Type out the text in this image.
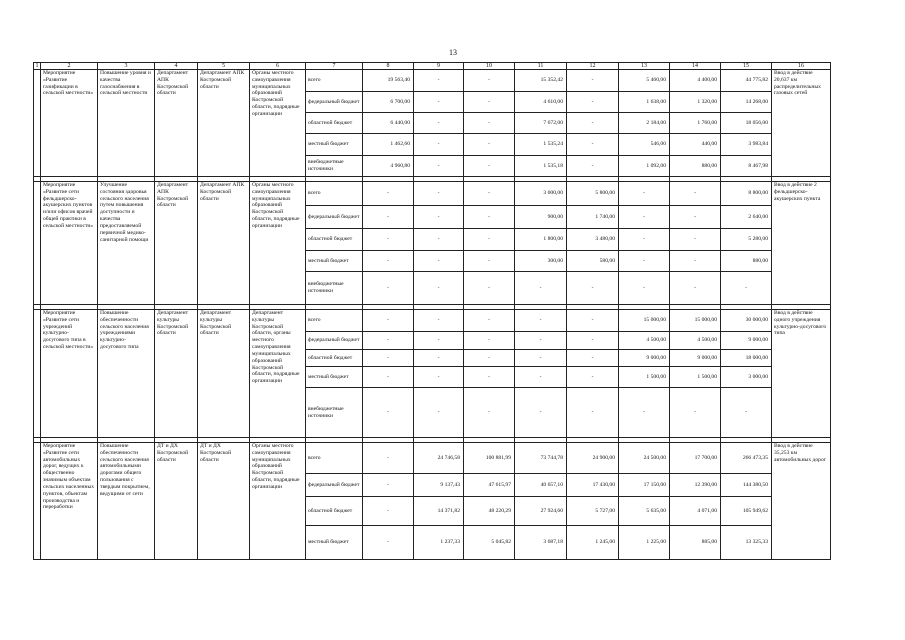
13
1	2	3	4	5	6	7	8	9	10	11	12	13	14	15	16
	Мероприятие «Развитие газификации в сельской местности»	Повышение уровня и качества газоснабжения в сельской местности	Департамент АПК Костромской области	Департамент АПК Костромской области	Органы местного самоуправления муниципальных образований Костромской области, подрядные организации	всего	19 563,40	-	-	15 352,42	-	5 460,00	4 400,00	44 775,82	Ввод в действие 20,637 км распределительных газовых сетей
						федеральный бюджет	6 700,00	-	-	4 610,00	-	1 638,00	1 320,00	14 268,00	
						областной бюджет	6 440,00	-	-	7 672,00	-	2 184,00	1 760,00	18 056,00	
						местный бюджет	1 462,60	-	-	1 535,24	-	546,00	440,00	3 983,84	
						внебюджетные источники	4 960,80	-	-	1 535,18	-	1 092,00	880,00	8 467,98	

	Мероприятие «Развитие сети фельдшерско-акушерских пунктов и/или офисов врачей общей практики в сельской местности»	Улучшение состояния здоровья сельского населения путем повышения доступности и качества предоставляемой первичной медико-санитарной помощи	Департамент АПК Костромской области	Департамент АПК Костромской области	Органы местного самоуправления муниципальных образований Костромской области, подрядные организации	всего	-	-	-	3 000,00	5 800,00	-	-	8 800,00	Ввод в действие 2 фельдшерско-акушерских пункта
						федеральный бюджет	-	-	-	900,00	1 740,00	-	-	2 640,00	
						областной бюджет	-	-	-	1 800,00	3 480,00	-	-	5 280,00	
						местный бюджет	-	-	-	300,00	580,00	-	-	880,00	
						внебюджетные источники	-	-	-	-	-	-	-	-	

	Мероприятие «Развитие сети учреждений культурно-досугового типа в сельской местности»	Повышение обеспеченности сельского населения учреждениями культурно-досугового типа	Департамент культуры Костромской области	Департамент культуры Костромской области	Департамент культуры Костромской области, органы местного самоуправления муниципальных образований Костромской области, подрядные организации	всего	-	-	-	-	-	15 000,00	15 000,00	30 000,00	Ввод в действие одного учреждения культурно-досугового типа
						федеральный бюджет	-	-	-	-	-	4 500,00	4 500,00	9 000,00	
						областной бюджет	-	-	-	-	-	9 000,00	9 000,00	18 000,00	
						местный бюджет	-	-	-	-	-	1 500,00	1 500,00	3 000,00	
						внебюджетные источники	-	-	-	-	-	-	-	-	

	Мероприятие «Развитие сети автомобильных дорог, ведущих к общественно значимым объектам сельских населенных пунктов, объектам производства и переработки	Повышение обеспеченности сельского населения автомобильными дорогами общего пользования с твердым покрытием, ведущими от сети	ДТ и ДХ Костромской области	ДТ и ДХ Костромской области	Органы местного самоуправления муниципальных образований Костромской области, подрядные организации	всего	-	24 746,58	100 881,99	73 744,78	24 900,00	24 500,00	17 700,00	266 473,35	Ввод в действие 35,253 км автомобильных дорог
						федеральный бюджет	-	9 137,43	47 615,97	40 657,10	17 430,00	17 150,00	12 390,00	144 380,50	
						областной бюджет	-	14 371,82	48 220,29	27 924,60	5 727,00	5 635,00	4 071,00	105 949,62	
						местный бюджет	-	1 237,33	5 045,82	3 687,18	1 245,00	1 225,00	885,00	13 325,33	
